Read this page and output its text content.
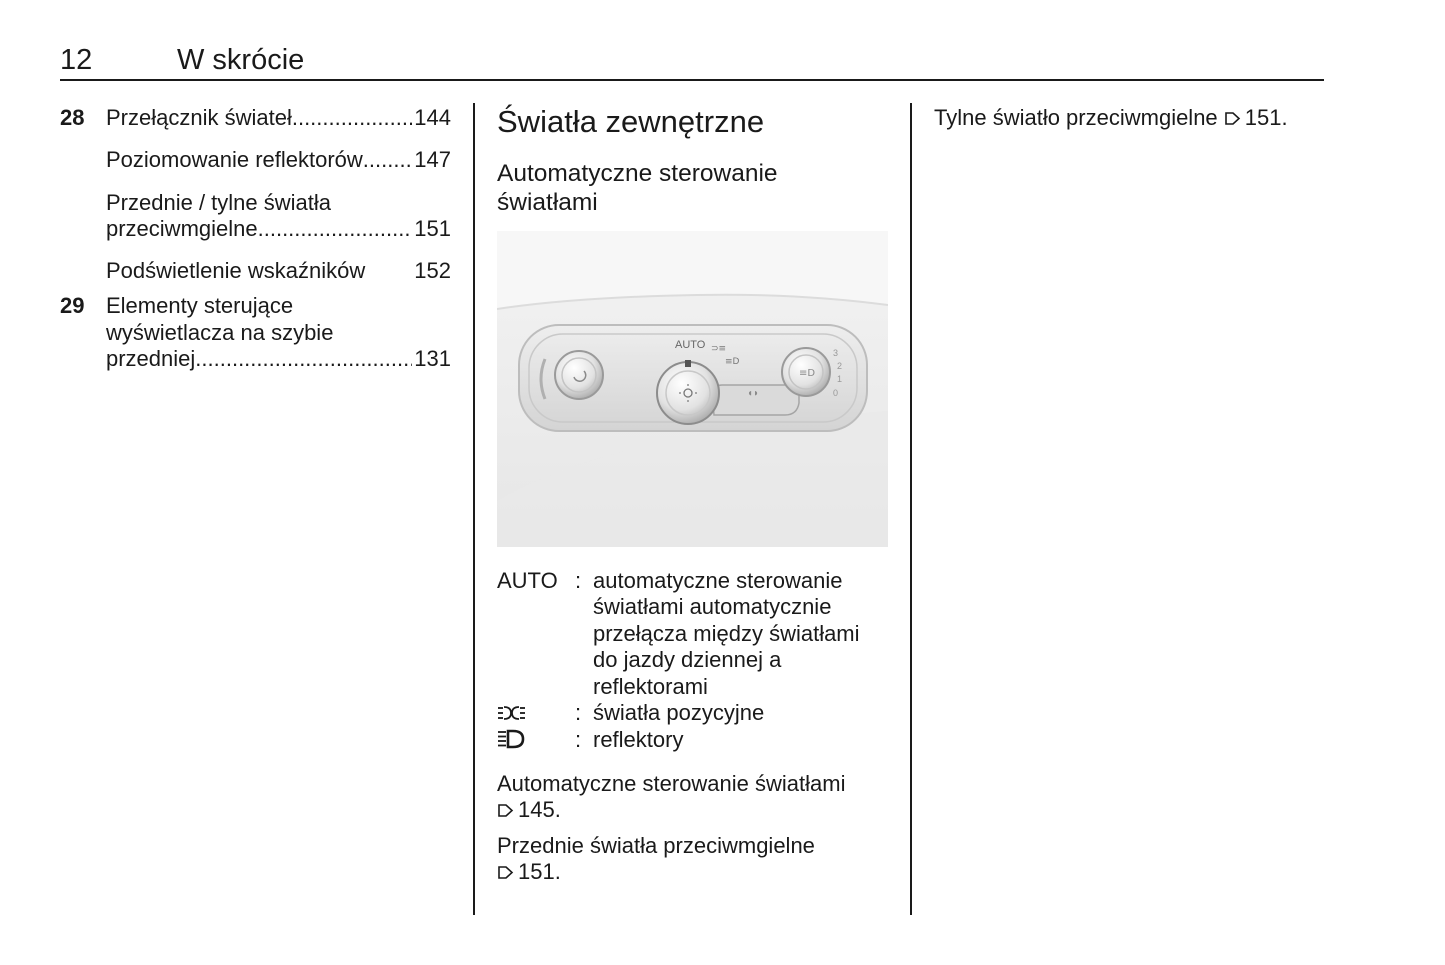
12	W skrócie
28 Przełącznik świateł .....	144
Poziomowanie reflektorów ..... 147
Przednie / tylne światła
przeciwmgielne .....	151
Podświetlenie wskaźników 152
29 Elementy sterujące
wyświetlacza na szybie
przedniej .....	131
Światła zewnętrzne
Automatyczne sterowanie
światłami
◖◗
AUTO ⊃≡
≡D
≡D
3
2
1
0
AUTO : automatyczne sterowanie
światłami automatycznie
przełącza między światłami
do jazdy dziennej a
reflektorami
: światła pozycyjne
: reflektory
Automatyczne sterowanie światłami
145.
Przednie światła przeciwmgielne
151.
Tylne światło przeciwmgielne 151.
